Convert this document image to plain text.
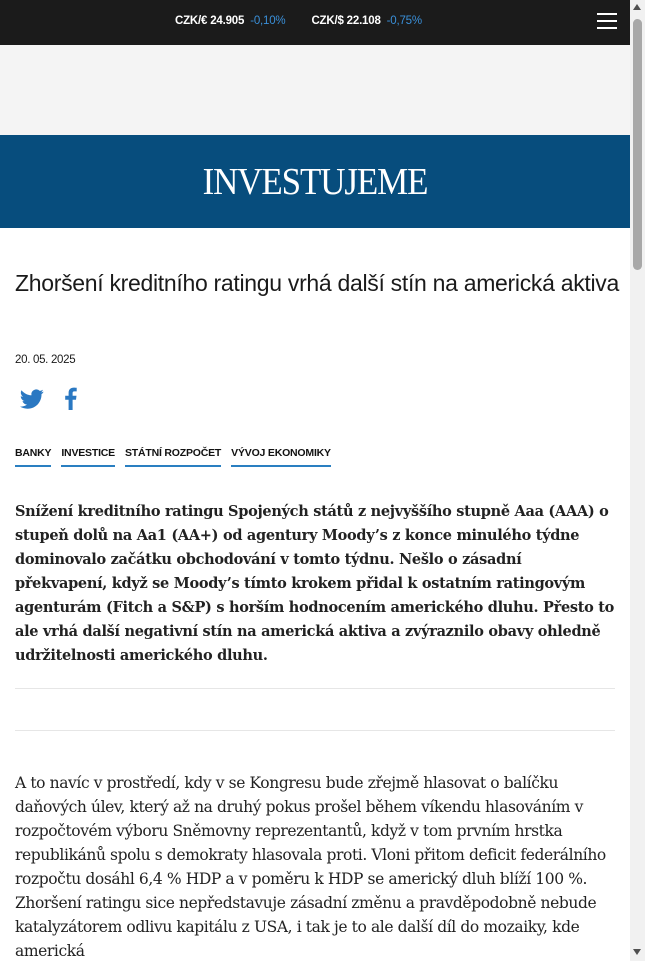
CZK/€ 24.905 -0,10% CZK/$ 22.108 -0,75%
INVESTUJEME
Zhoršení kreditního ratingu vrhá další stín na americká aktiva
20. 05. 2025
BANKY INVESTICE STÁTNÍ ROZPOČET VÝVOJ EKONOMIKY

Snížení kreditního ratingu Spojených států z nejvyššího stupně Aaa (AAA) o stupeň dolů na Aa1 (AA+) od agentury Moody’s z konce minulého týdne dominovalo začátku obchodování v tomto týdnu. Nešlo o zásadní překvapení, když se Moody’s tímto krokem přidal k ostatním ratingovým agenturám (Fitch a S&P) s horším hodnocením amerického dluhu. Přesto to ale vrhá další negativní stín na americká aktiva a zvýraznilo obavy ohledně udržitelnosti amerického dluhu.

A to navíc v prostředí, kdy v se Kongresu bude zřejmě hlasovat o balíčku daňových úlev, který až na druhý pokus prošel během víkendu hlasováním v rozpočtovém výboru Sněmovny reprezentantů, když v tom prvním hrstka republikánů spolu s demokraty hlasovala proti. Vloni přitom deficit federálního rozpočtu dosáhl 6,4 % HDP a v poměru k HDP se americký dluh blíží 100 %. Zhoršení ratingu sice nepředstavuje zásadní změnu a pravděpodobně nebude katalyzátorem odlivu kapitálu z USA, i tak je to ale další díl do mozaiky, kde americká
